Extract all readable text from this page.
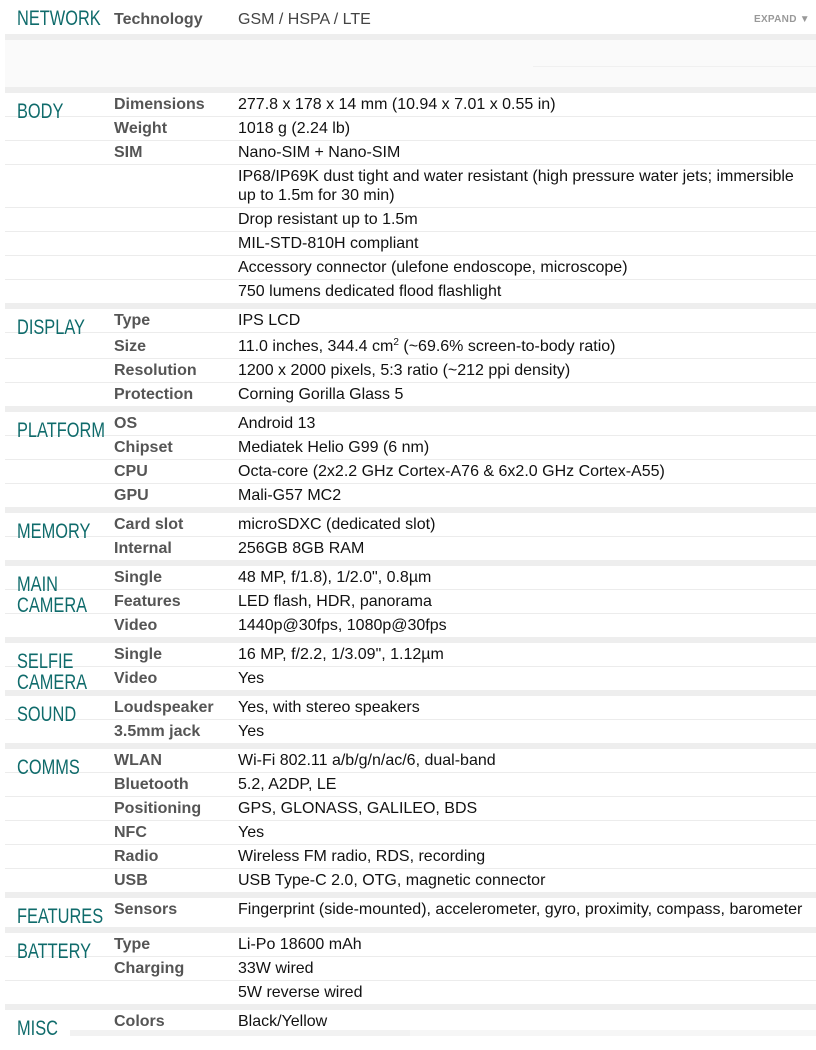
NETWORK Technology	GSM / HSPA / LTE	EXPAND ▼
BODY	Dimensions	277.8 x 178 x 14 mm (10.94 x 7.01 x 0.55 in)
Weight	1018 g (2.24 lb)
SIM	Nano-SIM + Nano-SIM
IP68/IP69K dust tight and water resistant (high pressure water jets; immersible up to 1.5m for 30 min)
Drop resistant up to 1.5m
MIL-STD-810H compliant
Accessory connector (ulefone endoscope, microscope)
750 lumens dedicated flood flashlight
DISPLAY	Type	IPS LCD
Size	11.0 inches, 344.4 $cm^2$ (~69.6% screen-to-body ratio)
Resolution	1200 x 2000 pixels, 5:3 ratio (~212 ppi density)
Protection	Corning Gorilla Glass 5
PLATFORM OS	Android 13
Chipset	Mediatek Helio G99 (6 nm)
CPU	Octa-core (2x2.2 GHz Cortex-A76 & 6x2.0 GHz Cortex-A55)
GPU	Mali-G57 MC2
MEMORY Card slot	microSDXC (dedicated slot)
Internal	256GB 8GB RAM
MAIN
CAMERA
Single	48 MP, f/1.8), 1/2.0", 0.8µm
Features	LED flash, HDR, panorama
Video	1440p@30fps, 1080p@30fps
SELFIE
CAMERA
Single	16 MP, f/2.2, 1/3.09", 1.12µm
Video	Yes
SOUND	Loudspeaker	Yes, with stereo speakers
3.5mm jack	Yes
COMMS	WLAN	Wi-Fi 802.11 a/b/g/n/ac/6, dual-band
Bluetooth	5.2, A2DP, LE
Positioning	GPS, GLONASS, GALILEO, BDS
NFC	Yes
Radio	Wireless FM radio, RDS, recording
USB	USB Type-C 2.0, OTG, magnetic connector
FEATURES Sensors	Fingerprint (side-mounted), accelerometer, gyro, proximity, compass, barometer
BATTERY Type	Li-Po 18600 mAh
Charging	33W wired
5W reverse wired
MISC	Colors	Black/Yellow
